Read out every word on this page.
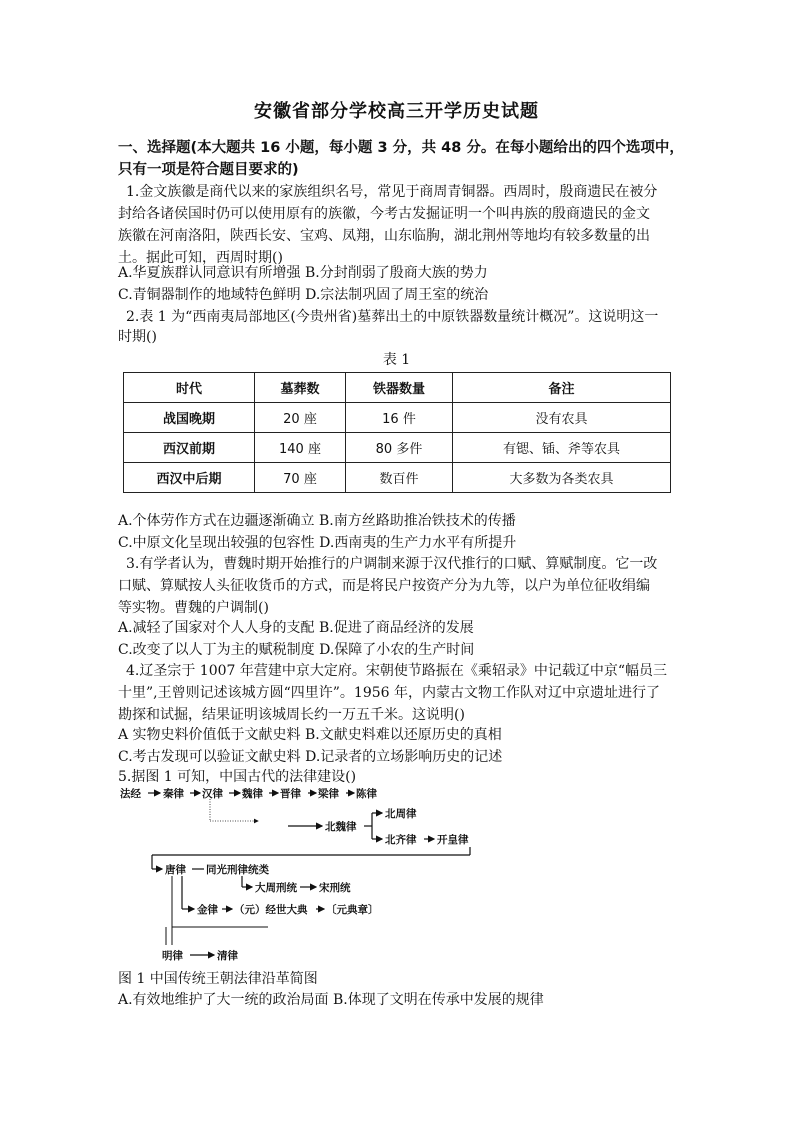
安徽省部分学校高三开学历史试题
一、选择题(本大题共 16 小题，每小题 3 分，共 48 分。在每小题给出的四个选项中，
只有一项是符合题目要求的)
1.金文族徽是商代以来的家族组织名号，常见于商周青铜器。西周时，殷商遗民在被分
封给各诸侯国时仍可以使用原有的族徽，今考古发掘证明一个叫冉族的殷商遗民的金文
族徽在河南洛阳，陕西长安、宝鸡、凤翔，山东临朐，湖北荆州等地均有较多数量的出
土。据此可知，西周时期()
A.华夏族群认同意识有所增强 B.分封削弱了殷商大族的势力
C.青铜器制作的地域特色鲜明 D.宗法制巩固了周王室的统治
2.表 1 为“西南夷局部地区(今贵州省)墓葬出土的中原铁器数量统计概况”。这说明这一
时期()
表 1
时代	墓葬数	铁器数量	备注
战国晚期	20 座	16 件	没有农具
西汉前期	140 座	80 多件	有锶、锸、斧等农具
西汉中后期	70 座	数百件	大多数为各类农具
A.个体劳作方式在边疆逐渐确立 B.南方丝路助推冶铁技术的传播
C.中原文化呈现出较强的包容性 D.西南夷的生产力水平有所提升
3.有学者认为，曹魏时期开始推行的户调制来源于汉代推行的口赋、算赋制度。它一改
口赋、算赋按人头征收货币的方式，而是将民户按资产分为九等，以户为单位征收绢编
等实物。曹魏的户调制()
A.减轻了国家对个人人身的支配 B.促进了商品经济的发展
C.改变了以人丁为主的赋税制度 D.保障了小农的生产时间
4.辽圣宗于 1007 年营建中京大定府。宋朝使节路振在《乘轺录》中记载辽中京“幅员三
十里”,王曾则记述该城方圆“四里许”。1956 年，内蒙古文物工作队对辽中京遗址进行了
勘探和试掘，结果证明该城周长约一万五千米。这说明()
A 实物史料价值低于文献史料 B.文献史料难以还原历史的真相
C.考古发现可以验证文献史料 D.记录者的立场影响历史的记述
5.据图 1 可知，中国古代的法律建设()
法经 秦律 汉律 魏律 晋律 梁律 陈律
北魏律
北周律
北齐律 开皇律
唐律 同光刑律统类
大周刑统 宋刑统
金律 （元）经世大典 〔元典章〕
明律	清律
图 1 中国传统王朝法律沿革简图
A.有效地维护了大一统的政治局面 B.体现了文明在传承中发展的规律
